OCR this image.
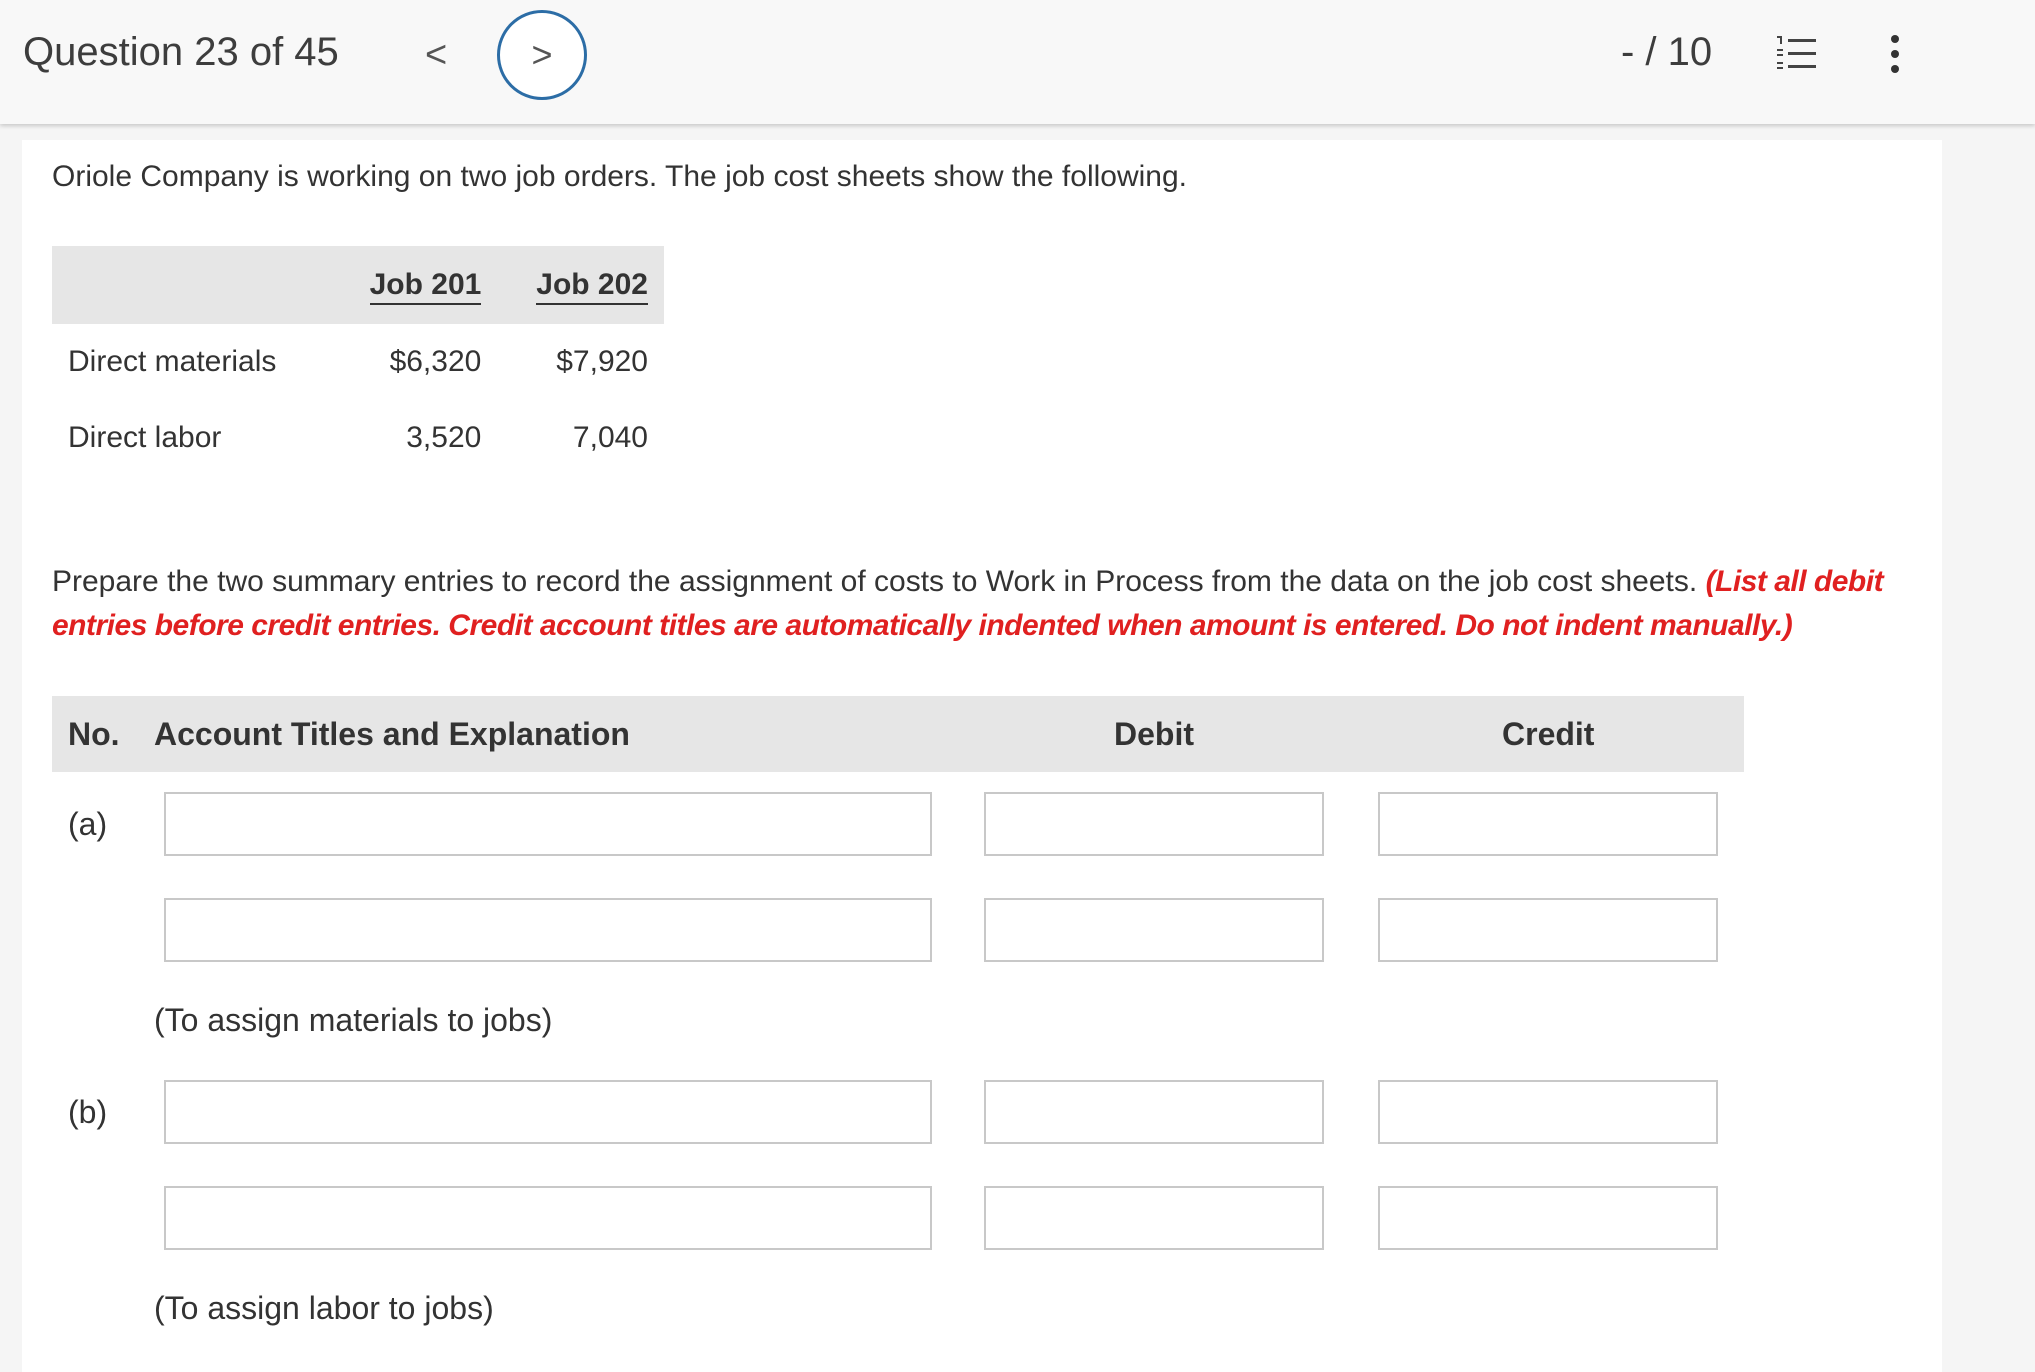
Question 23 of 45 < >	- / 10
Oriole Company is working on two job orders. The job cost sheets show the following.
	Job 201	Job 202
Direct materials	$6,320	$7,920
Direct labor	3,520	7,040
Prepare the two summary entries to record the assignment of costs to Work in Process from the data on the job cost sheets. (List all debit entries before credit entries. Credit account titles are automatically indented when amount is entered. Do not indent manually.)
No. Account Titles and Explanation	Debit	Credit
(a)
(To assign materials to jobs)
(b)
(To assign labor to jobs)
